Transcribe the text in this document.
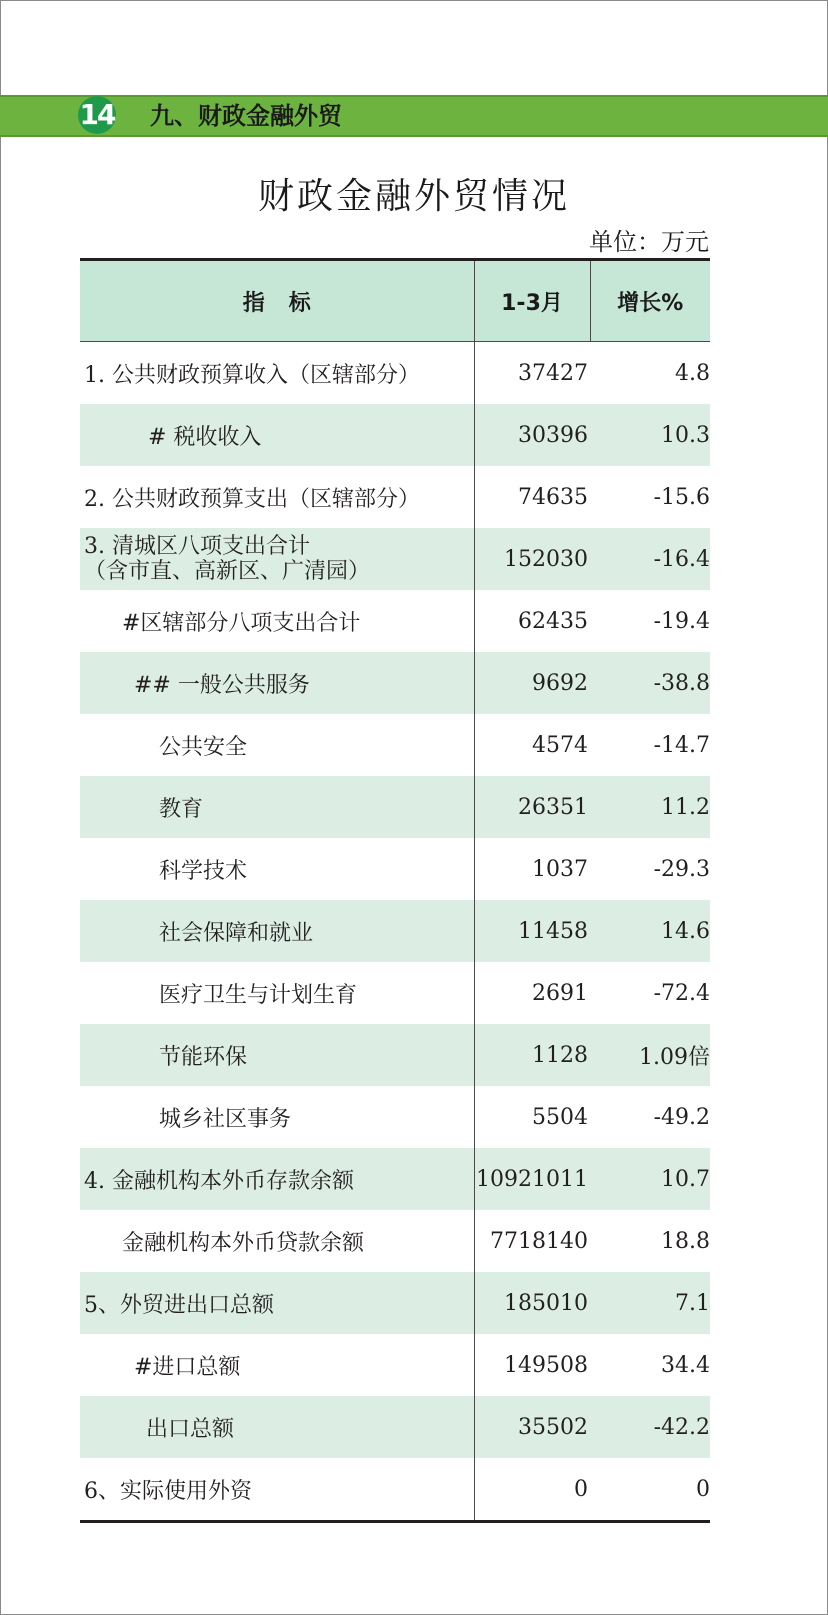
14 九、财政金融外贸
财政金融外贸情况
单位：万元
指标	1-3月	增长%
1. 公共财政预算收入（区辖部分）	37427	4.8
# 税收收入	30396	10.3
2. 公共财政预算支出（区辖部分）	74635	-15.6

3. 清城区八项支出合计
（含市直、高新区、广清园）	152030	-16.4
#区辖部分八项支出合计	62435	-19.4
## 一般公共服务	9692	-38.8
公共安全	4574	-14.7
教育	26351	11.2
科学技术	1037	-29.3
社会保障和就业	11458	14.6
医疗卫生与计划生育	2691	-72.4
节能环保	1128	1.09倍
城乡社区事务	5504	-49.2
4. 金融机构本外币存款余额	10921011	10.7
金融机构本外币贷款余额	7718140	18.8
5、外贸进出口总额	185010	7.1
#进口总额	149508	34.4
出口总额	35502	-42.2
6、实际使用外资	0	0
